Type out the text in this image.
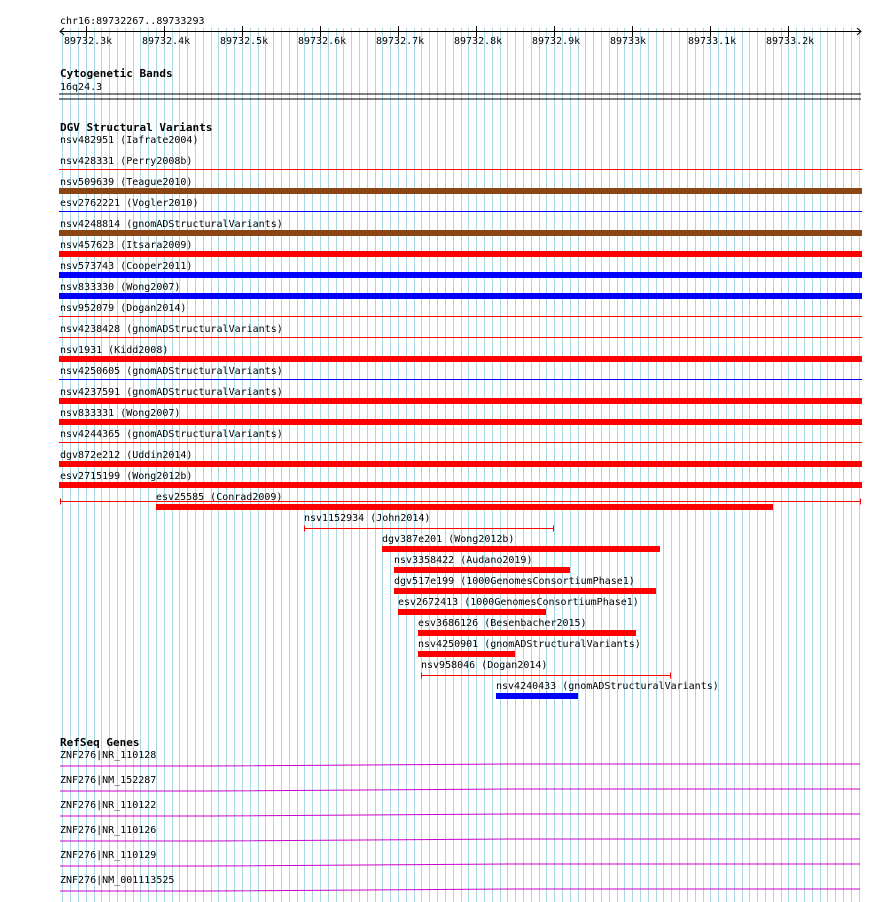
chr16:89732267..89733293
89732.3k	89732.4k	89732.5k	89732.6k	89732.7k	89732.8k	89732.9k	89733k	89733.1k	89733.2k
Cytogenetic Bands
16q24.3
DGV Structural Variants
nsv482951 (Iafrate2004)
nsv428331 (Perry2008b)
nsv509639 (Teague2010)
esv2762221 (Vogler2010)
nsv4248814 (gnomADStructuralVariants)
nsv457623 (Itsara2009)
nsv573743 (Cooper2011)
nsv833330 (Wong2007)
nsv952079 (Dogan2014)
nsv4238428 (gnomADStructuralVariants)
nsv1931 (Kidd2008)
nsv4250605 (gnomADStructuralVariants)
nsv4237591 (gnomADStructuralVariants)
nsv833331 (Wong2007)
nsv4244365 (gnomADStructuralVariants)
dgv872e212 (Uddin2014)
esv2715199 (Wong2012b)
esv25585 (Conrad2009)
nsv1152934 (John2014)
dgv387e201 (Wong2012b)
nsv3358422 (Audano2019)
dgv517e199 (1000GenomesConsortiumPhase1)
esv2672413 (1000GenomesConsortiumPhase1)
esv3686126 (Besenbacher2015)
nsv4250901 (gnomADStructuralVariants)
nsv958046 (Dogan2014)
nsv4240433 (gnomADStructuralVariants)
RefSeq Genes
ZNF276|NR_110128
ZNF276|NM_152287
ZNF276|NR_110122
ZNF276|NR_110126
ZNF276|NR_110129
ZNF276|NM_001113525
